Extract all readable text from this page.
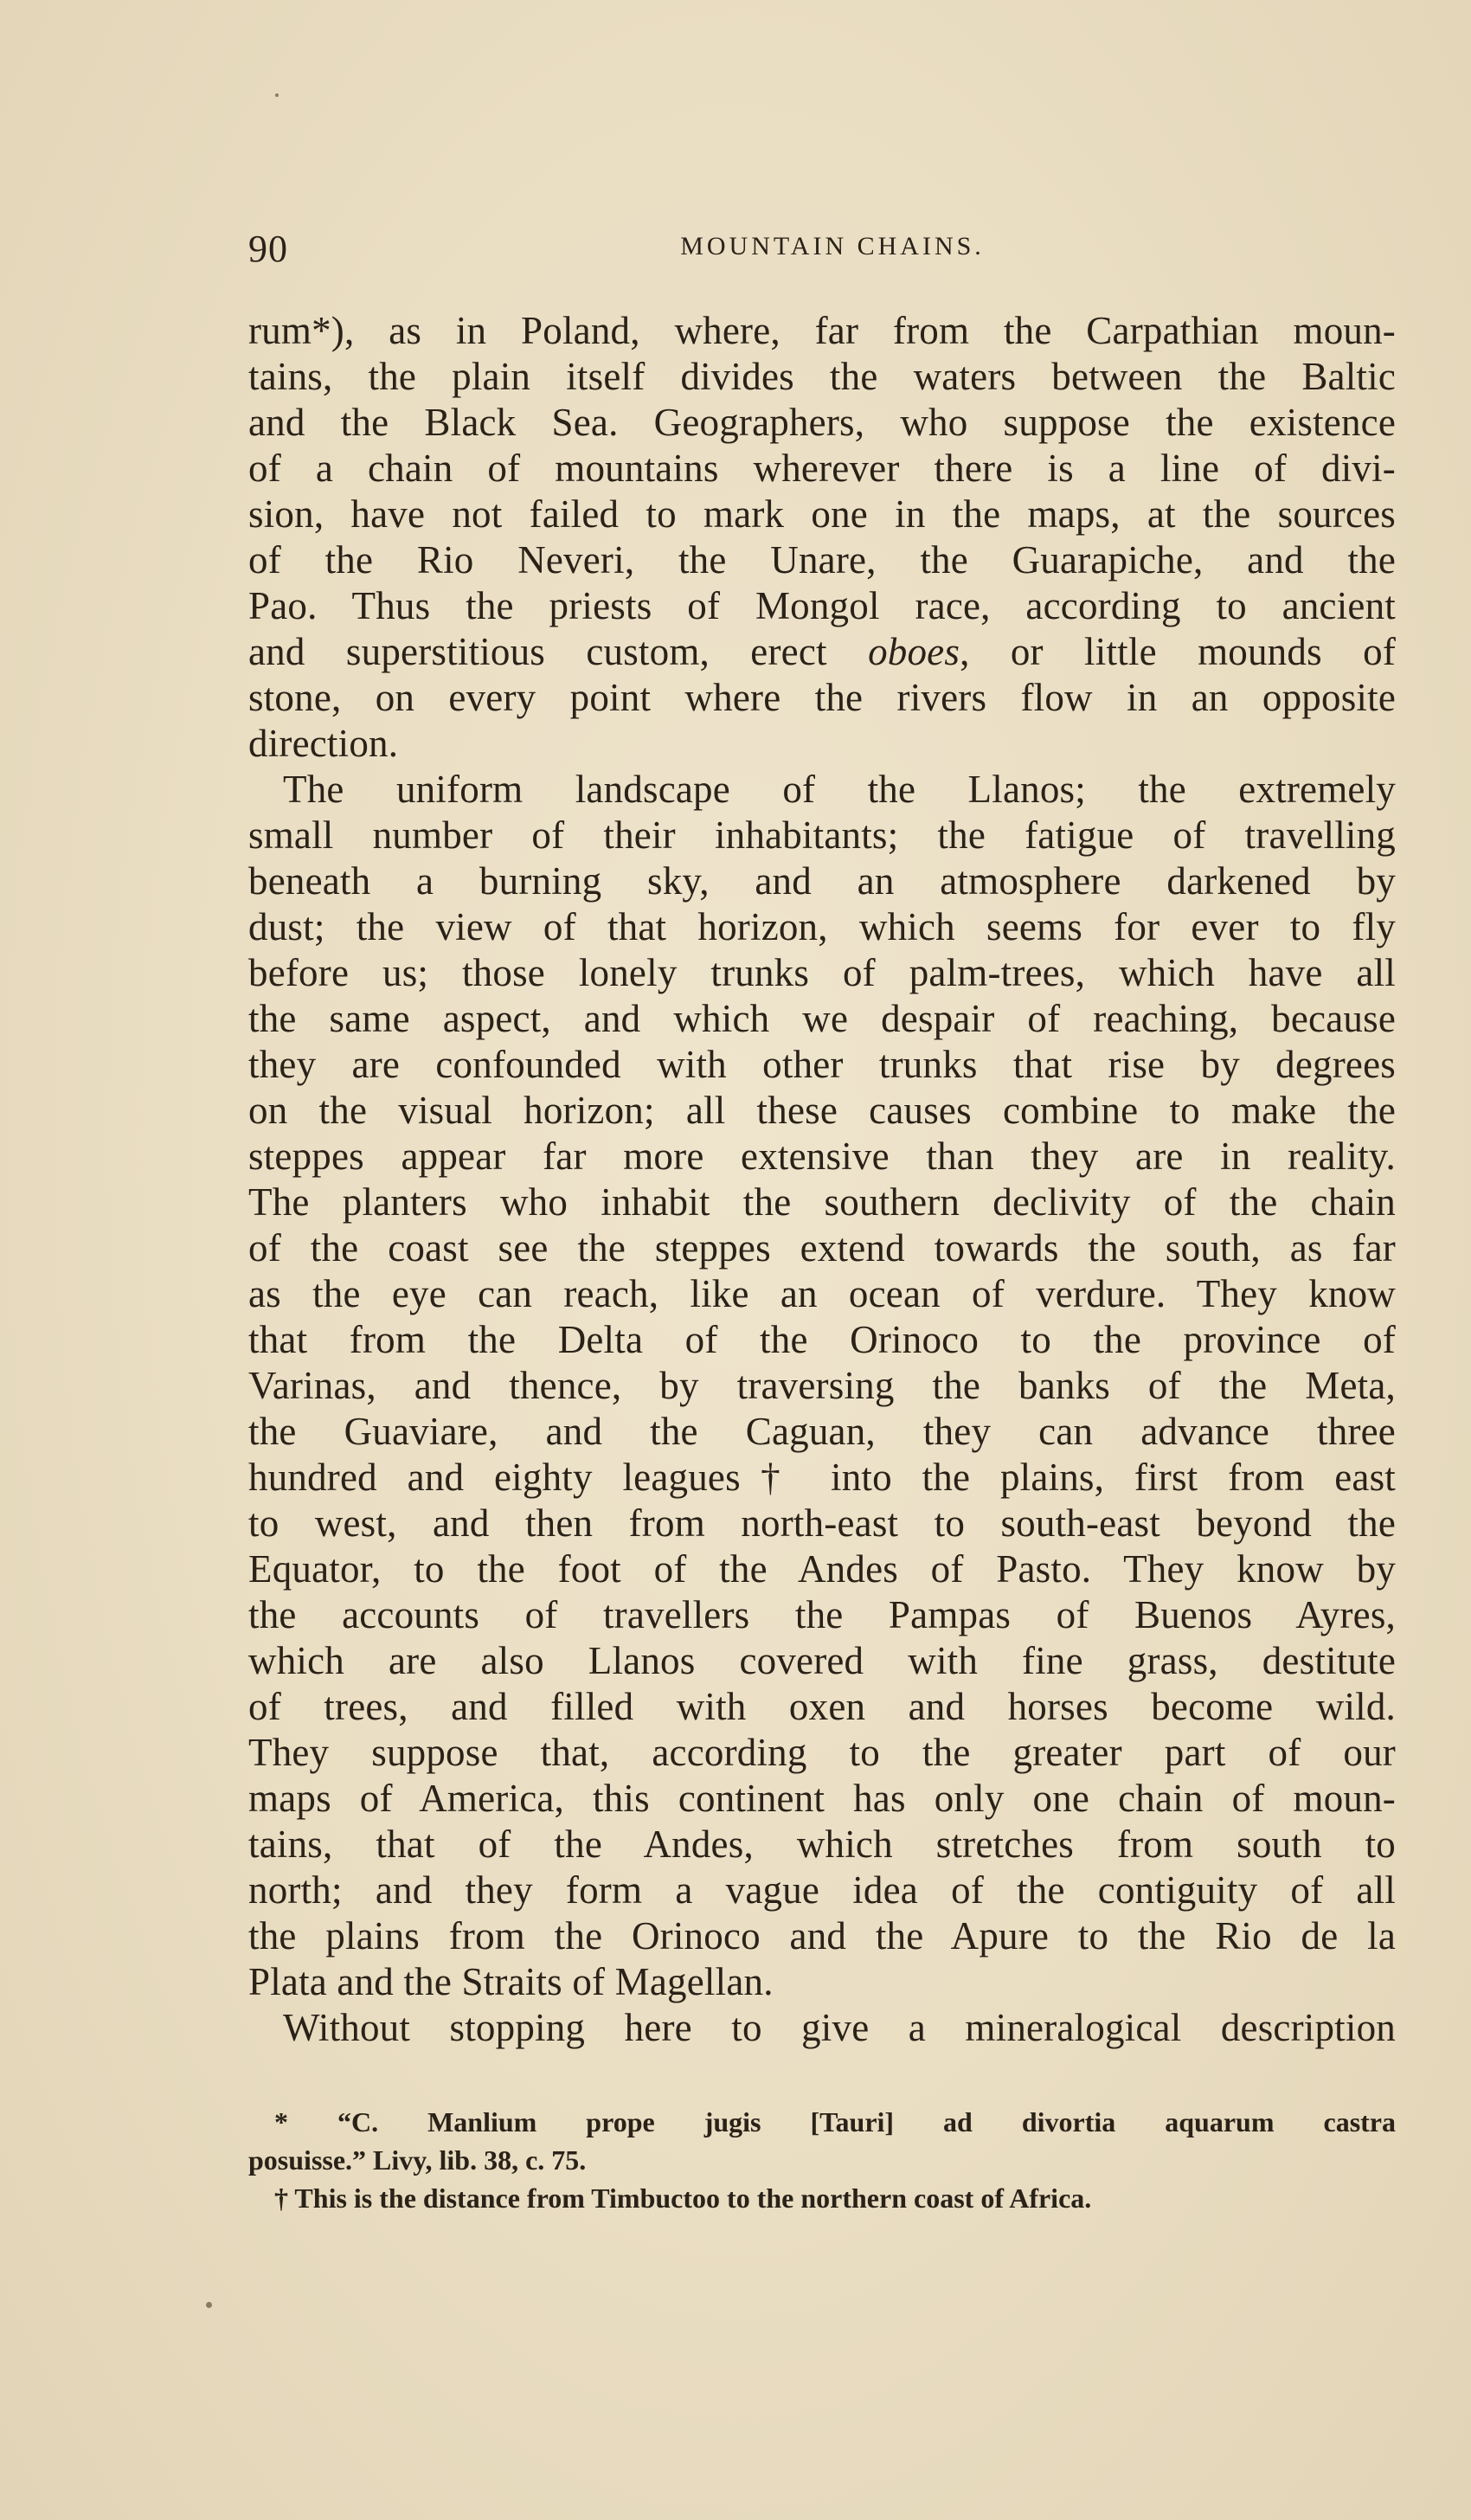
90	MOUNTAIN CHAINS.
rum*), as in Poland, where, far from the Carpathian moun-
tains, the plain itself divides the waters between the Baltic
and the Black Sea. Geographers, who suppose the existence
of a chain of mountains wherever there is a line of divi-
sion, have not failed to mark one in the maps, at the sources
of the Rio Neveri, the Unare, the Guarapiche, and the
Pao. Thus the priests of Mongol race, according to ancient
and superstitious custom, erect oboes, or little mounds of
stone, on every point where the rivers flow in an opposite
direction.
The uniform landscape of the Llanos; the extremely
small number of their inhabitants; the fatigue of travelling
beneath a burning sky, and an atmosphere darkened by
dust; the view of that horizon, which seems for ever to fly
before us; those lonely trunks of palm-trees, which have all
the same aspect, and which we despair of reaching, because
they are confounded with other trunks that rise by degrees
on the visual horizon; all these causes combine to make the
steppes appear far more extensive than they are in reality.
The planters who inhabit the southern declivity of the chain
of the coast see the steppes extend towards the south, as far
as the eye can reach, like an ocean of verdure. They know
that from the Delta of the Orinoco to the province of
Varinas, and thence, by traversing the banks of the Meta,
the Guaviare, and the Caguan, they can advance three
hundred and eighty leagues† into the plains, first from east
to west, and then from north-east to south-east beyond the
Equator, to the foot of the Andes of Pasto. They know by
the accounts of travellers the Pampas of Buenos Ayres,
which are also Llanos covered with fine grass, destitute
of trees, and filled with oxen and horses become wild.
They suppose that, according to the greater part of our
maps of America, this continent has only one chain of moun-
tains, that of the Andes, which stretches from south to
north; and they form a vague idea of the contiguity of all
the plains from the Orinoco and the Apure to the Rio de la
Plata and the Straits of Magellan.
Without stopping here to give a mineralogical description
* “C. Manlium prope jugis [Tauri] ad divortia aquarum castra
posuisse.” Livy, lib. 38, c. 75.
† This is the distance from Timbuctoo to the northern coast of Africa.
